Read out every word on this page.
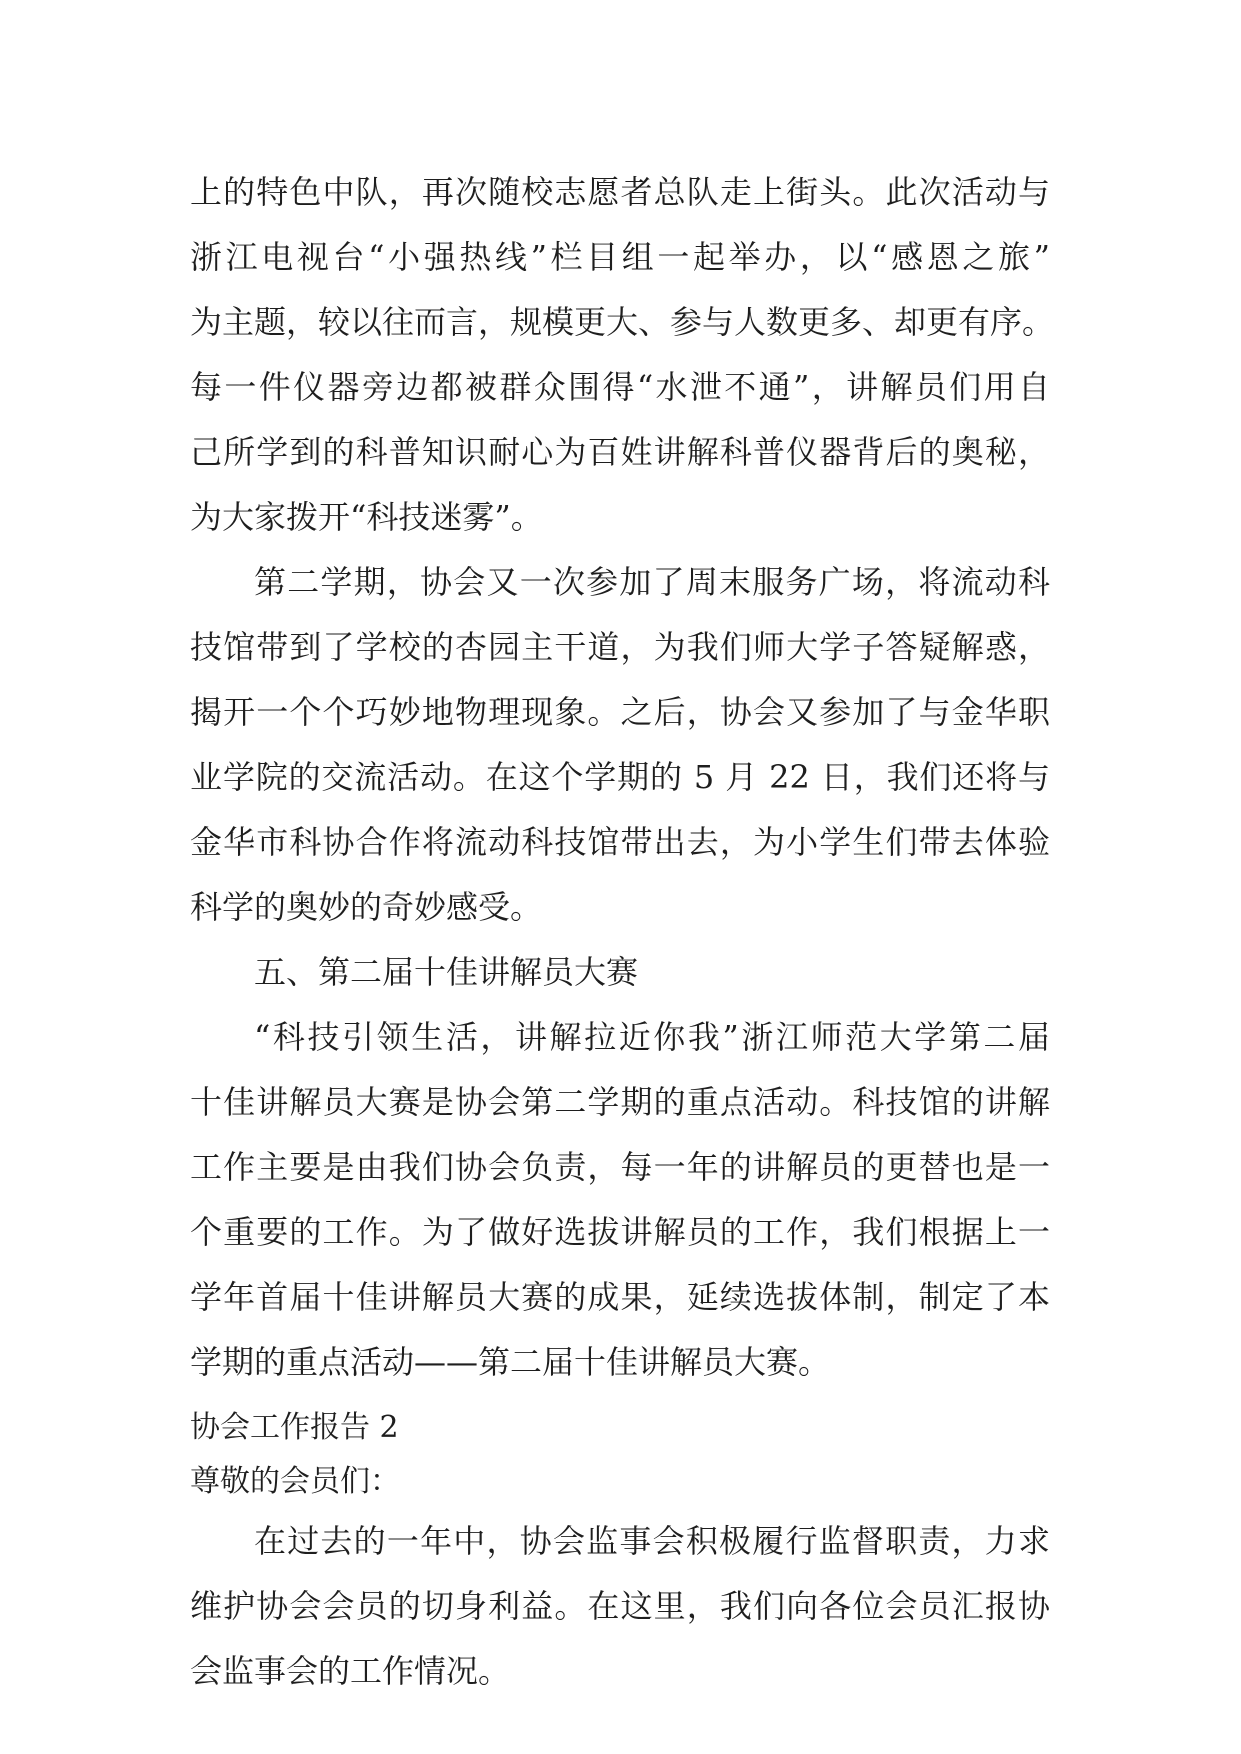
上的特色中队，再次随校志愿者总队走上街头。此次活动与
浙江电视台“小强热线”栏目组一起举办，以“感恩之旅”
为主题，较以往而言，规模更大、参与人数更多、却更有序。
每一件仪器旁边都被群众围得“水泄不通”，讲解员们用自
己所学到的科普知识耐心为百姓讲解科普仪器背后的奥秘，
为大家拨开“科技迷雾”。
第二学期，协会又一次参加了周末服务广场，将流动科
技馆带到了学校的杏园主干道，为我们师大学子答疑解惑，
揭开一个个巧妙地物理现象。之后，协会又参加了与金华职
业学院的交流活动。在这个学期的 5 月 22 日，我们还将与
金华市科协合作将流动科技馆带出去，为小学生们带去体验
科学的奥妙的奇妙感受。
五、第二届十佳讲解员大赛
“科技引领生活，讲解拉近你我”浙江师范大学第二届
十佳讲解员大赛是协会第二学期的重点活动。科技馆的讲解
工作主要是由我们协会负责，每一年的讲解员的更替也是一
个重要的工作。为了做好选拔讲解员的工作，我们根据上一
学年首届十佳讲解员大赛的成果，延续选拔体制，制定了本
学期的重点活动——第二届十佳讲解员大赛。
协会工作报告 2
尊敬的会员们：
在过去的一年中，协会监事会积极履行监督职责，力求
维护协会会员的切身利益。在这里，我们向各位会员汇报协
会监事会的工作情况。
